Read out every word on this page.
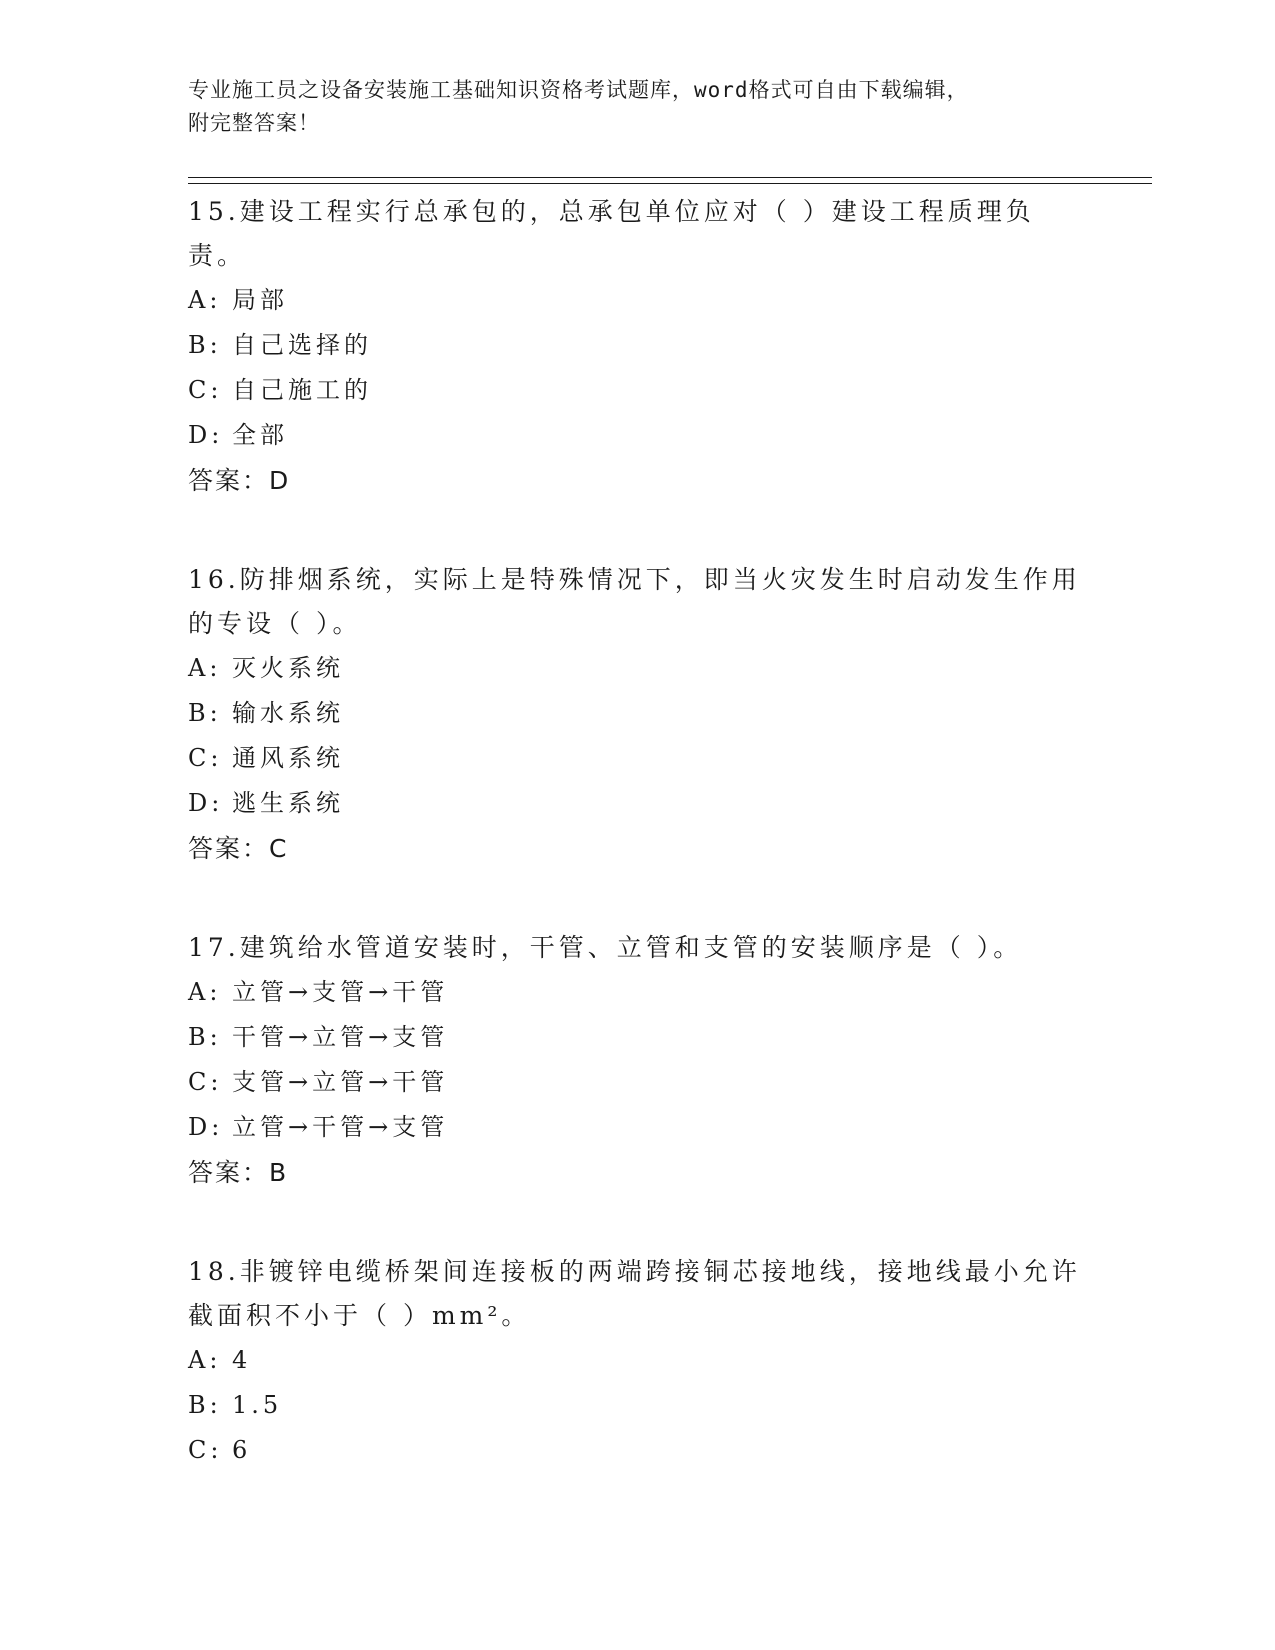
专业施工员之设备安装施工基础知识资格考试题库，word格式可自由下载编辑，
附完整答案！

15.建设工程实行总承包的，总承包单位应对（ ）建设工程质理负责。

A: 局部
B: 自己选择的
C: 自己施工的
D: 全部
答案：D

16.防排烟系统，实际上是特殊情况下，即当火灾发生时启动发生作用的专设（ ）。

A: 灭火系统
B: 输水系统
C: 通风系统
D: 逃生系统
答案：C

17.建筑给水管道安装时，干管、立管和支管的安装顺序是（ ）。

A: 立管→支管→干管
B: 干管→立管→支管
C: 支管→立管→干管
D: 立管→干管→支管
答案：B

18.非镀锌电缆桥架间连接板的两端跨接铜芯接地线，接地线最小允许截面积不小于（ ）mm²。

A: 4
B: 1.5
C: 6
